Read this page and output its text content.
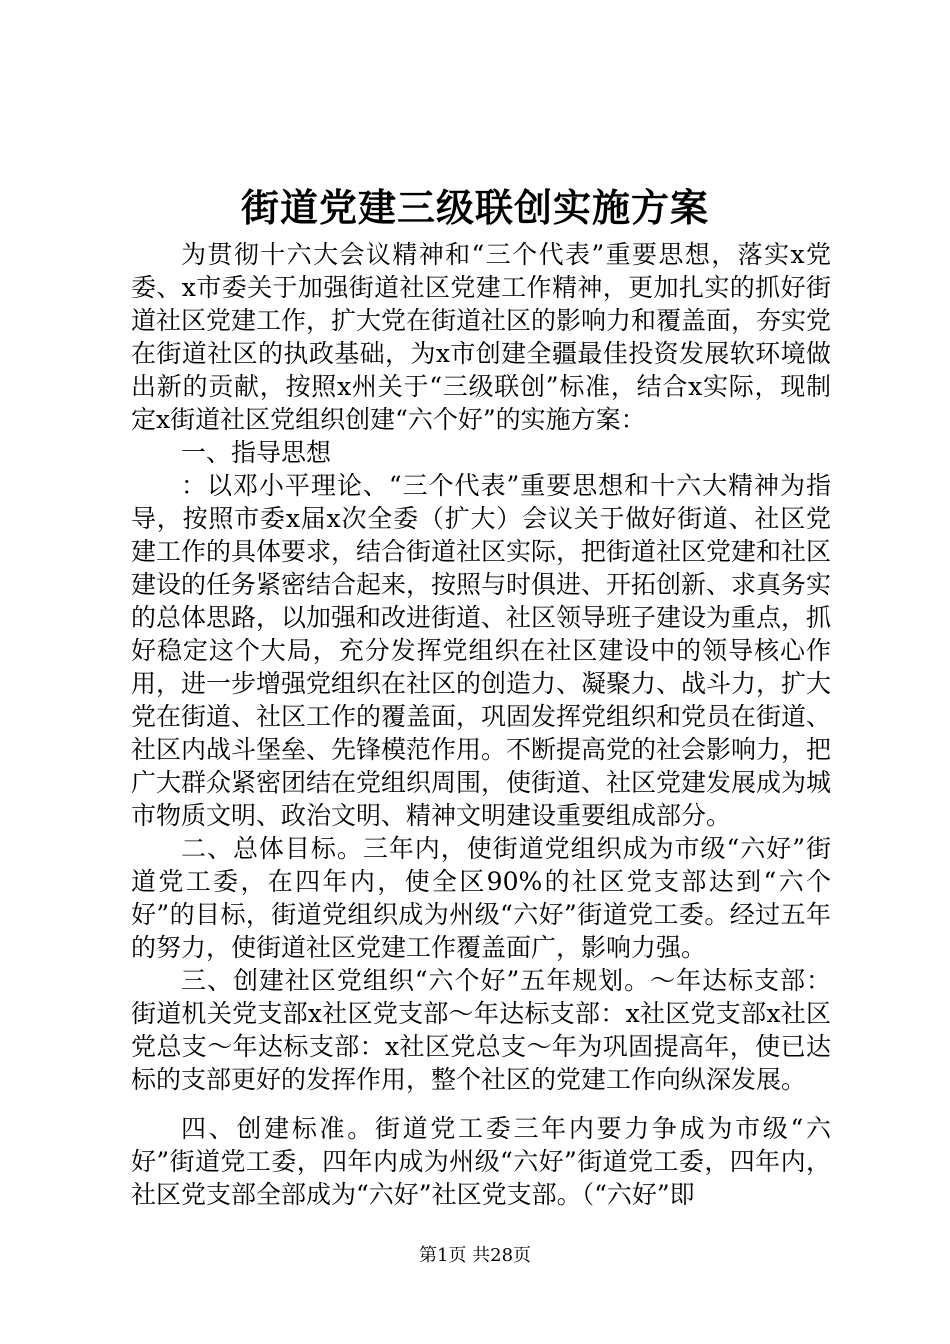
街道党建三级联创实施方案

为贯彻十六大会议精神和“三个代表”重要思想，落实x党委、x市委关于加强街道社区党建工作精神，更加扎实的抓好街道社区党建工作，扩大党在街道社区的影响力和覆盖面，夯实党在街道社区的执政基础，为x市创建全疆最佳投资发展软环境做出新的贡献，按照x州关于“三级联创”标准，结合x实际，现制定x街道社区党组织创建“六个好”的实施方案：

一、指导思想

：以邓小平理论、“三个代表”重要思想和十六大精神为指导，按照市委x届x次全委（扩大）会议关于做好街道、社区党建工作的具体要求，结合街道社区实际，把街道社区党建和社区建设的任务紧密结合起来，按照与时俱进、开拓创新、求真务实的总体思路，以加强和改进街道、社区领导班子建设为重点，抓好稳定这个大局，充分发挥党组织在社区建设中的领导核心作用，进一步增强党组织在社区的创造力、凝聚力、战斗力，扩大党在街道、社区工作的覆盖面，巩固发挥党组织和党员在街道、社区内战斗堡垒、先锋模范作用。不断提高党的社会影响力，把广大群众紧密团结在党组织周围，使街道、社区党建发展成为城市物质文明、政治文明、精神文明建设重要组成部分。

二、总体目标。三年内，使街道党组织成为市级“六好”街道党工委，在四年内，使全区90%的社区党支部达到“六个好”的目标，街道党组织成为州级“六好”街道党工委。经过五年的努力，使街道社区党建工作覆盖面广，影响力强。

三、创建社区党组织“六个好”五年规划。～年达标支部：街道机关党支部x社区党支部～年达标支部：x社区党支部x社区党总支～年达标支部：x社区党总支～年为巩固提高年，使已达标的支部更好的发挥作用，整个社区的党建工作向纵深发展。

四、创建标准。街道党工委三年内要力争成为市级“六好”街道党工委，四年内成为州级“六好”街道党工委，四年内，社区党支部全部成为“六好”社区党支部。（“六好”即

第1页 共28页
